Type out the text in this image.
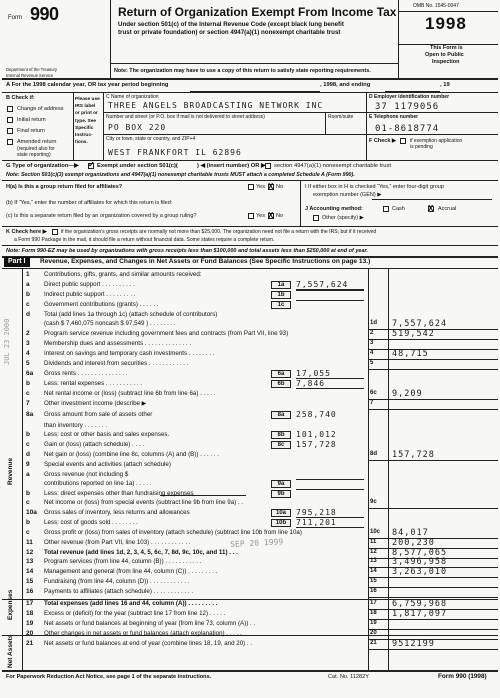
Form 990
Department of the Treasury
Internal Revenue Service
Return of Organization Exempt From Income Tax
Under section 501(c) of the Internal Revenue Code (except black lung benefit
trust or private foundation) or section 4947(a)(1) nonexempt charitable trust
OMB No. 1545-0047
1998
This Form is
Open to Public
Inspection
Note: The organization may have to use a copy of this return to satisfy state reporting requirements.
A For the 1998 calendar year, OR tax year period beginning	, 1998, and ending	, 19
B Check if:
Change of address
Initial return
Final return
Amended return
(required also for
state reporting)
Please use IRS label or print or type. See Specific Instruc-tions.
C Name of organization
THREE ANGELS BROADCASTING NETWORK INC
Number and street (or P.O. box if mail is not delivered to street address)	Room/suite
PO BOX 220
City or town, state or country, and ZIP+4
WEST FRANKFORT IL 62896
D Employer identification number
37 1179056
E Telephone number
01-8618774
F Check ▶	if exemption application
is pending
G Type of organization—▶ ✓ Exempt under section 501(c)(	) ◀ (insert number) OR ▶ section 4947(a)(1) nonexempt charitable trust
Note: Section 501(c)(3) exempt organizations and 4947(a)(1) nonexempt charitable trusts MUST attach a completed Schedule A (Form 990).
H(a) Is this a group return filed for affiliates?	Yes X No
(b) If “Yes,” enter the number of affiliates for which this return is filed:
(c) Is this a separate return filed by an organization covered by a group ruling?	Yes X No
I If either box in H is checked “Yes,” enter four-digit group
exemption number (GEN) ▶
J Accounting method:	Cash	X Accrual
Other (specify) ▶
K Check here ▶	if the organization's gross receipts are normally not more than $25,000. The organization need not file a return with the IRS; but if it received
a Form 990 Package in the mail, it should file a return without financial data. Some states require a complete return.
Note: Form 990-EZ may be used by organizations with gross receipts less than $100,000 and total assets less than $250,000 at end of year.
Part I	Revenue, Expenses, and Changes in Net Assets or Fund Balances (See Specific Instructions on page 13.)
Revenue
Expenses
Net Assets
SEP 20 1999
JUL 23 2000
For Paperwork Reduction Act Notice, see page 1 of the separate instructions.	Cat. No. 11282Y	Form 990 (1998)
1 Contributions, gifts, grants, and similar amounts received:
a Direct public support . . . . . . . . . .	1a	7,557,624
b Indirect public support . . . . . . . . .	1b
c Government contributions (grants) . . . . . .	1c
d Total (add lines 1a through 1c) (attach schedule of contributors)
(cash $ 7,460,075 noncash $ 97,549 ) . . . . . . . .	1d 7,557,624
2 Program service revenue including government fees and contracts (from Part VII, line 93)	2 519,542
3 Membership dues and assessments . . . . . . . . . . . . . .	3
4 Interest on savings and temporary cash investments . . . . . . . .	4 48,715
5 Dividends and interest from securities . . . . . . . . . . . .	5
6a Gross rents . . . . . . . . . . . . . . .	6a	17,055
b Less: rental expenses . . . . . . . . . . .	6b	7,846
c Net rental income or (loss) (subtract line 6b from line 6a) . . . . .	6c 9,209
7 Other investment income (describe ▶	7
8a Gross amount from sale of assets other	8a	258,740
than inventory . . . . . . .
b Less: cost or other basis and sales expenses.	8b	101,012
c Gain or (loss) (attach schedule) . . . .	8c	157,728
d Net gain or (loss) (combine line 8c, columns (A) and (B)) . . . . . .	8d 157,728
9 Special events and activities (attach schedule)
a Gross revenue (not including $
contributions reported on line 1a) . . . . .	9a
b Less: direct expenses other than fundraising expenses	9b
c Net income or (loss) from special events (subtract line 9b from line 9a) . .	9c
10a Gross sales of inventory, less returns and allowances	10a	795,218
b Less: cost of goods sold . . . . . . . .	10b	711,201
c Gross profit or (loss) from sales of inventory (attach schedule) (subtract line 10b from line 10a)	10c 84,017
11 Other revenue (from Part VII, line 103) . . . . . . . . . . . .	11 200,230
12 Total revenue (add lines 1d, 2, 3, 4, 5, 6c, 7, 8d, 9c, 10c, and 11) . . .	12 8,577,065
13 Program services (from line 44, column (B)) . . . . . . . . . . .	13 3,496,958
14 Management and general (from line 44, column (C)) . . . . . . . . .	14 3,263,010
15 Fundraising (from line 44, column (D)) . . . . . . . . . . . .	15
16 Payments to affiliates (attach schedule) . . . . . . . . . . . .	16
17 Total expenses (add lines 16 and 44, column (A)) . . . . . . . . .	17 6,759,968
18 Excess or (deficit) for the year (subtract line 17 from line 12) . . . . .	18 1,817,097
19 Net assets or fund balances at beginning of year (from line 73, column (A)) . .	19
20 Other changes in net assets or fund balances (attach explanation) . . . . .	20
21 Net assets or fund balances at end of year (combine lines 18, 19, and 20) . .	21 9512199
